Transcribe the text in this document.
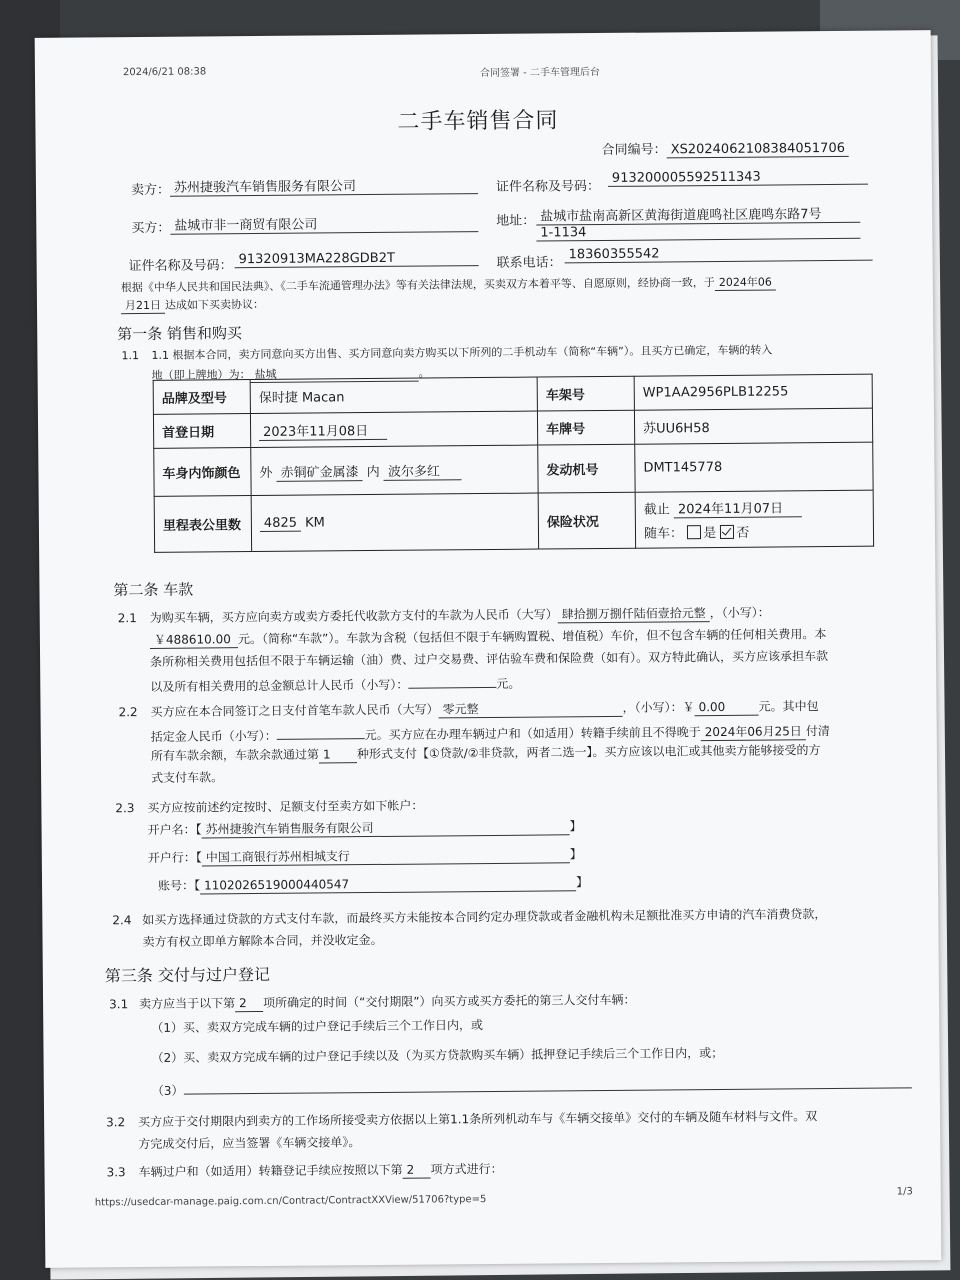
2024/6/21 08:38	合同签署 - 二手车管理后台
二手车销售合同
合同编号： XS2024062108384051706
卖方： 苏州捷骏汽车销售服务有限公司	证件名称及号码：
913200005592511343
买方： 盐城市非一商贸有限公司	地址： 盐城市盐南高新区黄海街道鹿鸣社区鹿鸣东路7号
1-1134
证件名称及号码： 91320913MA228GDB2T	联系电话：
18360355542
根据《中华人民共和国民法典》、《二手车流通管理办法》等有关法律法规，买卖双方本着平等、自愿原则，经协商一致，于 2024年06
月21日 达成如下买卖协议：
第一条 销售和购买
1.1 1.1 根据本合同，卖方同意向买方出售、买方同意向卖方购买以下所列的二手机动车（简称“车辆”）。且买方已确定，车辆的转入
地（即上牌地）为： 盐城	。
品牌及型号	保时捷 Macan	车架号	WP1AA2956PLB12255
首登日期	2023年11月08日	车牌号	苏UU6H58
车身内饰颜色	外 赤铜矿金属漆 内 波尔多红	发动机号	DMT145778
里程表公里数	4825 KM	保险状况	截止 2024年11月07日
随车： 是 否
第二条 车款
2.1 为购买车辆，买方应向卖方或卖方委托代收款方支付的车款为人民币（大写） 肆拾捌万捌仟陆佰壹拾元整 ，（小写）：
￥488610.00 元。（简称“车款”）。车款为含税（包括但不限于车辆购置税、增值税）车价，但不包含车辆的任何相关费用。本
条所称相关费用包括但不限于车辆运输（油）费、过户交易费、评估验车费和保险费（如有）。双方特此确认，买方应该承担车款
以及所有相关费用的总金额总计人民币（小写）：	元。
2.2 买方应在本合同签订之日支付首笔车款人民币（大写） 零元整	，（小写）：￥ 0.00	元。其中包
括定金人民币（小写）：	元。买方应在办理车辆过户和（如适用）转籍手续前且不得晚于 2024年06月25日 付清
所有车款余额，车款余款通过第 1 种形式支付【①贷款/②非贷款，两者二选一】。买方应该以电汇或其他卖方能够接受的方
式支付车款。
2.3 买方应按前述约定按时、足额支付至卖方如下帐户：
开户名：【 苏州捷骏汽车销售服务有限公司	】
开户行：【 中国工商银行苏州相城支行	】
账号：【 1102026519000440547	】
2.4 如买方选择通过贷款的方式支付车款，而最终买方未能按本合同约定办理贷款或者金融机构未足额批准买方申请的汽车消费贷款，
卖方有权立即单方解除本合同，并没收定金。
第三条 交付与过户登记
3.1 卖方应当于以下第 2 项所确定的时间（“交付期限”）向买方或买方委托的第三人交付车辆：
（1）买、卖双方完成车辆的过户登记手续后三个工作日内，或
（2）买、卖双方完成车辆的过户登记手续以及（为买方贷款购买车辆）抵押登记手续后三个工作日内，或；
（3）
3.2 买方应于交付期限内到卖方的工作场所接受卖方依据以上第1.1条所列机动车与《车辆交接单》交付的车辆及随车材料与文件。双
方完成交付后，应当签署《车辆交接单》。
3.3 车辆过户和（如适用）转籍登记手续应按照以下第 2 项方式进行：
https://usedcar-manage.paig.com.cn/Contract/ContractXXView/51706?type=5
1/3
